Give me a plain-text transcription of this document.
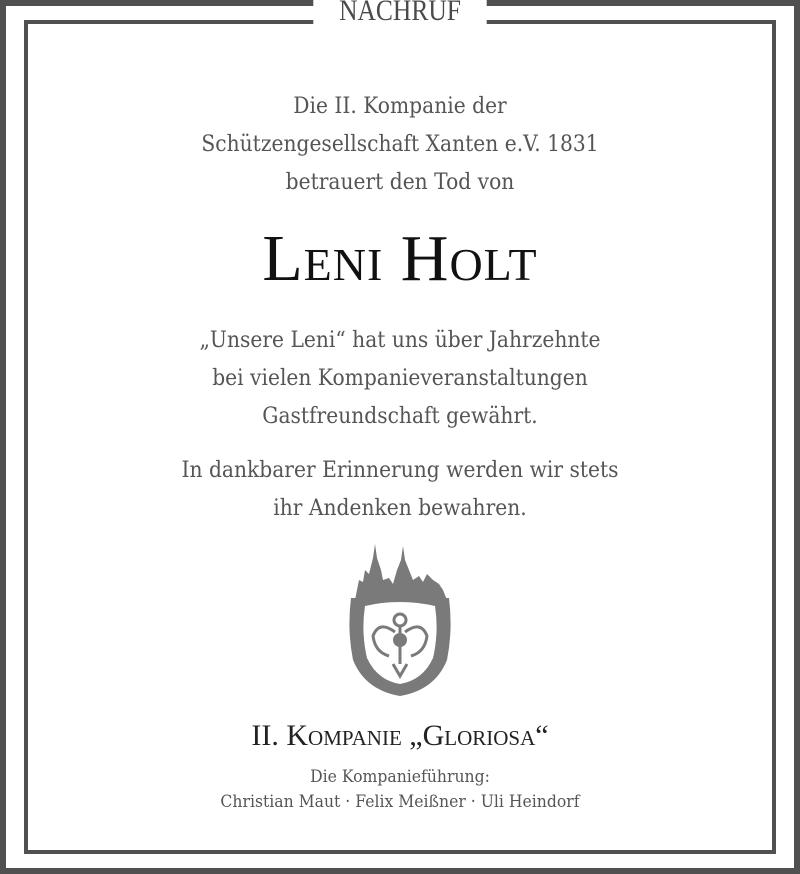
NACHRUF
Die II. Kompanie der
Schützengesellschaft Xanten e.V. 1831
betrauert den Tod von
Leni Holt
„Unsere Leni“ hat uns über Jahrzehnte
bei vielen Kompanieveranstaltungen
Gastfreundschaft gewährt.
In dankbarer Erinnerung werden wir stets
ihr Andenken bewahren.
II. Kompanie „Gloriosa“
Die Kompanieführung:
Christian Maut · Felix Meißner · Uli Heindorf
